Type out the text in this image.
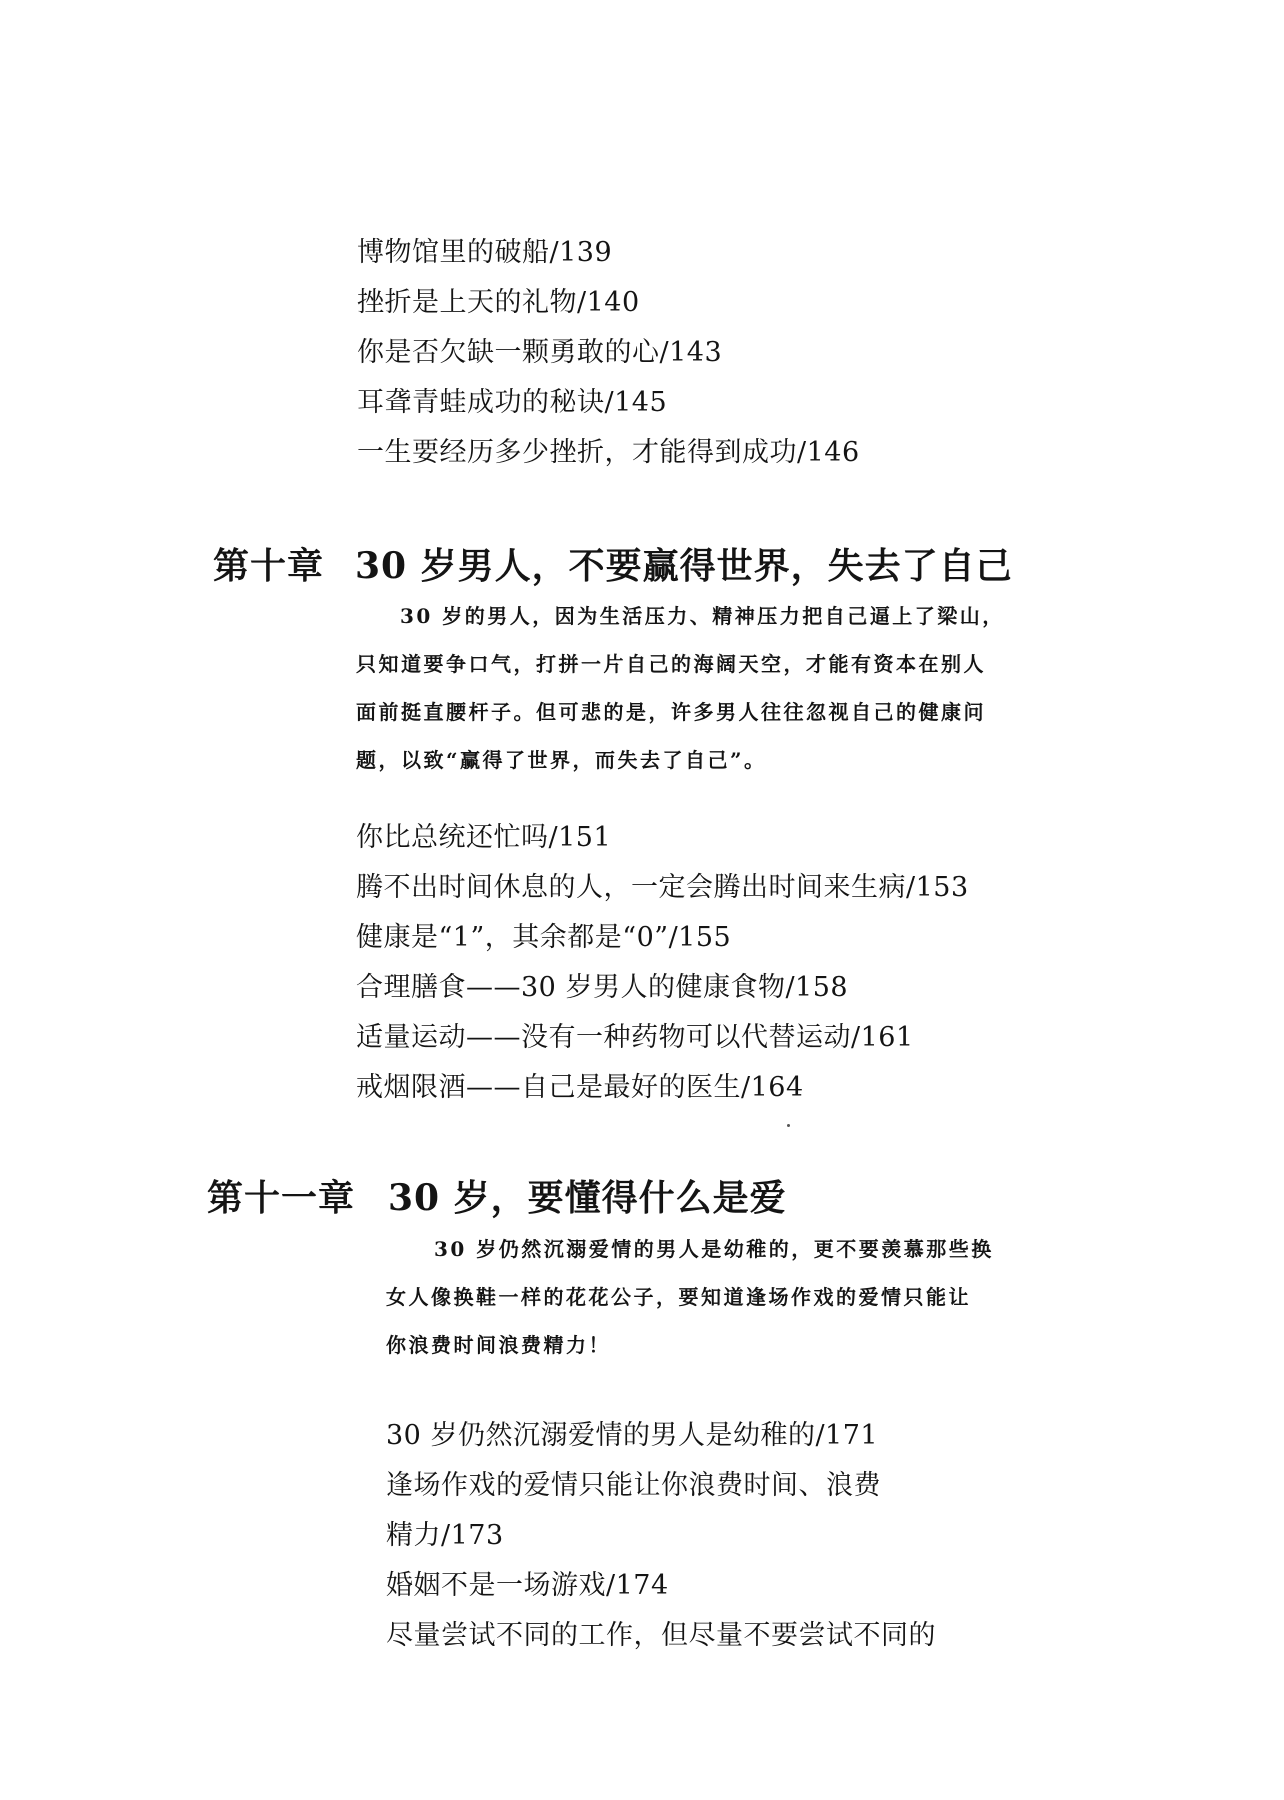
博物馆里的破船/139
挫折是上天的礼物/140
你是否欠缺一颗勇敢的心/143
耳聋青蛙成功的秘诀/145
一生要经历多少挫折，才能得到成功/146
第十章 30 岁男人，不要赢得世界，失去了自己

30 岁的男人，因为生活压力、精神压力把自己逼上了梁山，

只知道要争口气，打拼一片自己的海阔天空，才能有资本在别人

面前挺直腰杆子。但可悲的是，许多男人往往忽视自己的健康问

题，以致“赢得了世界，而失去了自己”。

你比总统还忙吗/151
腾不出时间休息的人，一定会腾出时间来生病/153
健康是“1”，其余都是“0”/155
合理膳食——30 岁男人的健康食物/158
适量运动——没有一种药物可以代替运动/161
戒烟限酒——自己是最好的医生/164
第十一章 30 岁，要懂得什么是爱

30 岁仍然沉溺爱情的男人是幼稚的，更不要羡慕那些换

女人像换鞋一样的花花公子，要知道逢场作戏的爱情只能让

你浪费时间浪费精力！

30 岁仍然沉溺爱情的男人是幼稚的/171
逢场作戏的爱情只能让你浪费时间、浪费
精力/173
婚姻不是一场游戏/174
尽量尝试不同的工作，但尽量不要尝试不同的
